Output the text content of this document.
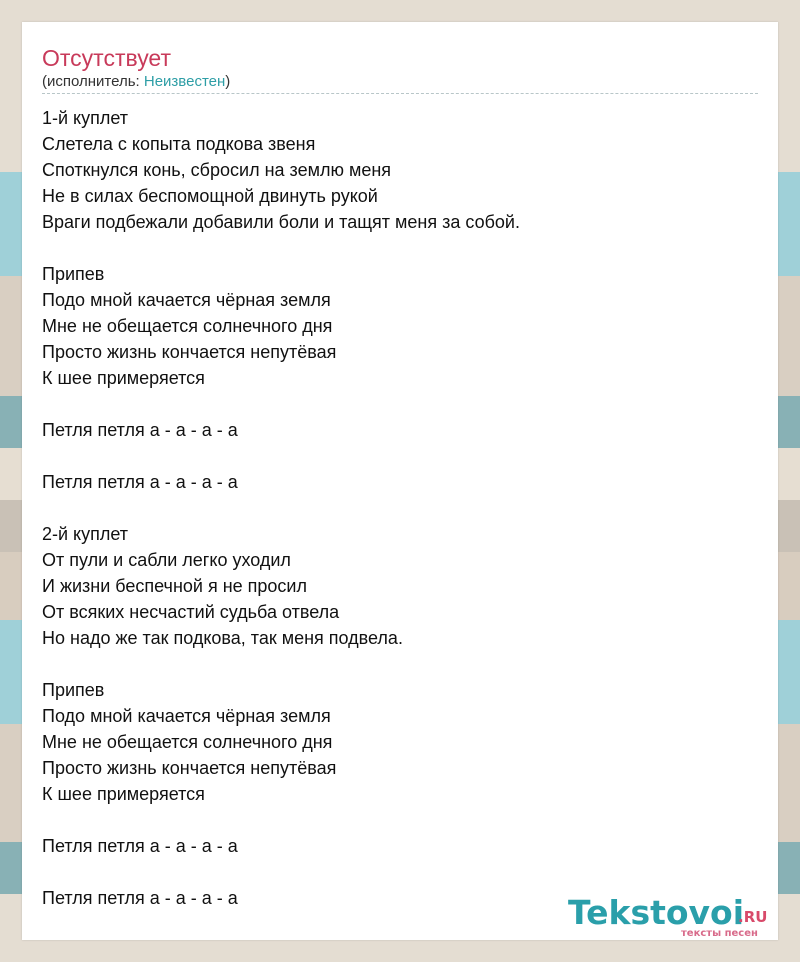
Отсутствует
(исполнитель: Неизвестен)
1-й куплет
Слетела с копыта подкова звеня
Споткнулся конь, сбросил на землю меня
Не в силах беспомощной двинуть рукой
Враги подбежали добавили боли и тащят меня за собой.
Припев
Подо мной качается чёрная земля
Мне не обещается солнечного дня
Просто жизнь кончается непутёвая
К шее примеряется
Петля петля а - а - а - а
Петля петля а - а - а - а
2-й куплет
От пули и сабли легко уходил
И жизни беспечной я не просил
От всяких несчастий судьба отвела
Но надо же так подкова, так меня подвела.
Припев
Подо мной качается чёрная земля
Мне не обещается солнечного дня
Просто жизнь кончается непутёвая
К шее примеряется
Петля петля а - а - а - а
Петля петля а - а - а - а	Tekstovoi
.RU
тексты песен
